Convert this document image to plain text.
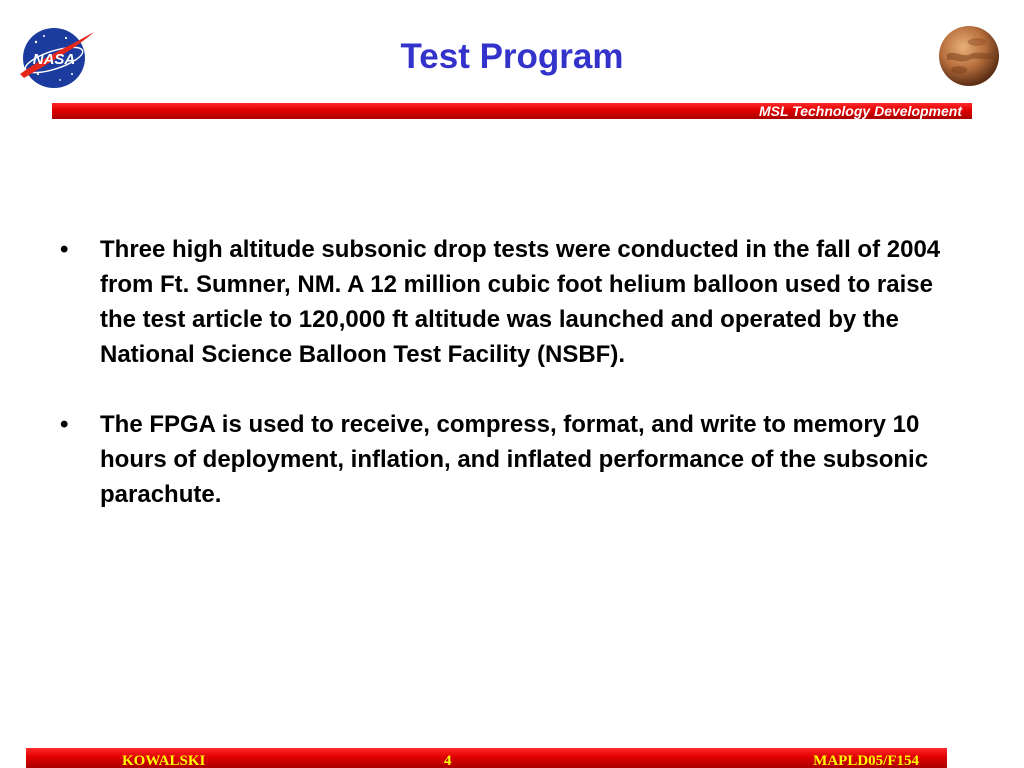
NASA	Test Program
MSL Technology Development
•	Three high altitude subsonic drop tests were conducted in the fall of 2004 from Ft. Sumner, NM. A 12 million cubic foot helium balloon used to raise the test article to 120,000 ft altitude was launched and operated by the National Science Balloon Test Facility (NSBF).
•	The FPGA is used to receive, compress, format, and write to memory 10 hours of deployment, inflation, and inflated performance of the subsonic parachute.
KOWALSKI	4	MAPLD05/F154
